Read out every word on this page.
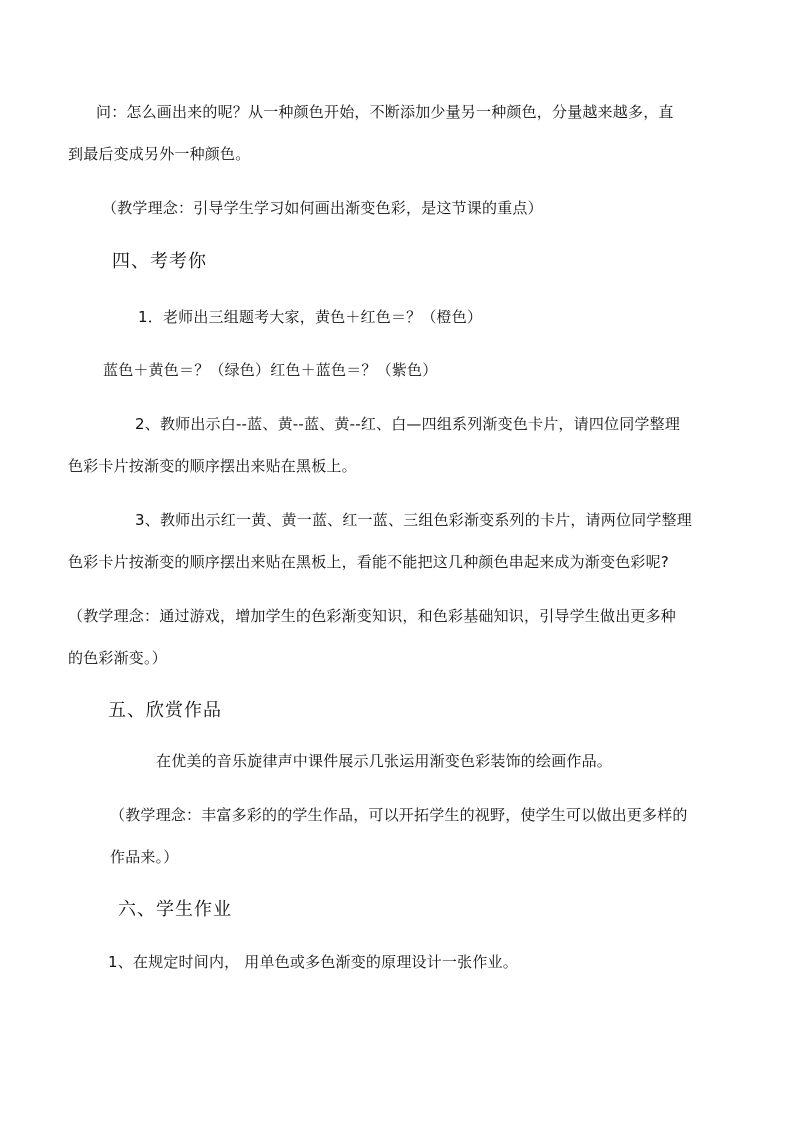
问：怎么画出来的呢？从一种颜色开始，不断添加少量另一种颜色，分量越来越多，直
到最后变成另外一种颜色。
（教学理念：引导学生学习如何画出渐变色彩，是这节课的重点）
四、考考你
1．老师出三组题考大家，黄色＋红色＝？（橙色）
蓝色＋黄色＝？（绿色）红色＋蓝色＝？（紫色）
2、教师出示白--蓝、黄--蓝、黄--红、白—四组系列渐变色卡片，请四位同学整理
色彩卡片按渐变的顺序摆出来贴在黑板上。
3、教师出示红一黄、黄一蓝、红一蓝、三组色彩渐变系列的卡片，请两位同学整理
色彩卡片按渐变的顺序摆出来贴在黑板上，看能不能把这几种颜色串起来成为渐变色彩呢?
（教学理念：通过游戏，增加学生的色彩渐变知识，和色彩基础知识，引导学生做出更多种
的色彩渐变。）
五、欣赏作品
在优美的音乐旋律声中课件展示几张运用渐变色彩装饰的绘画作品。
（教学理念：丰富多彩的的学生作品，可以开拓学生的视野，使学生可以做出更多样的
作品来。）
六、学生作业
1、在规定时间内， 用单色或多色渐变的原理设计一张作业。
